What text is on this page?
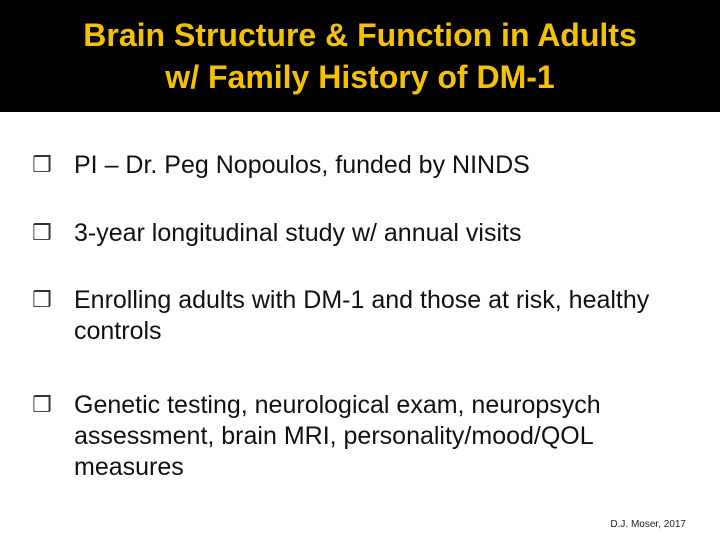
Brain Structure & Function in Adults
w/ Family History of DM-1
❒ PI – Dr. Peg Nopoulos, funded by NINDS
❒ 3-year longitudinal study w/ annual visits
❒ Enrolling adults with DM-1 and those at risk, healthy controls
❒ Genetic testing, neurological exam, neuropsych assessment, brain MRI, personality/mood/QOL measures
D.J. Moser, 2017
